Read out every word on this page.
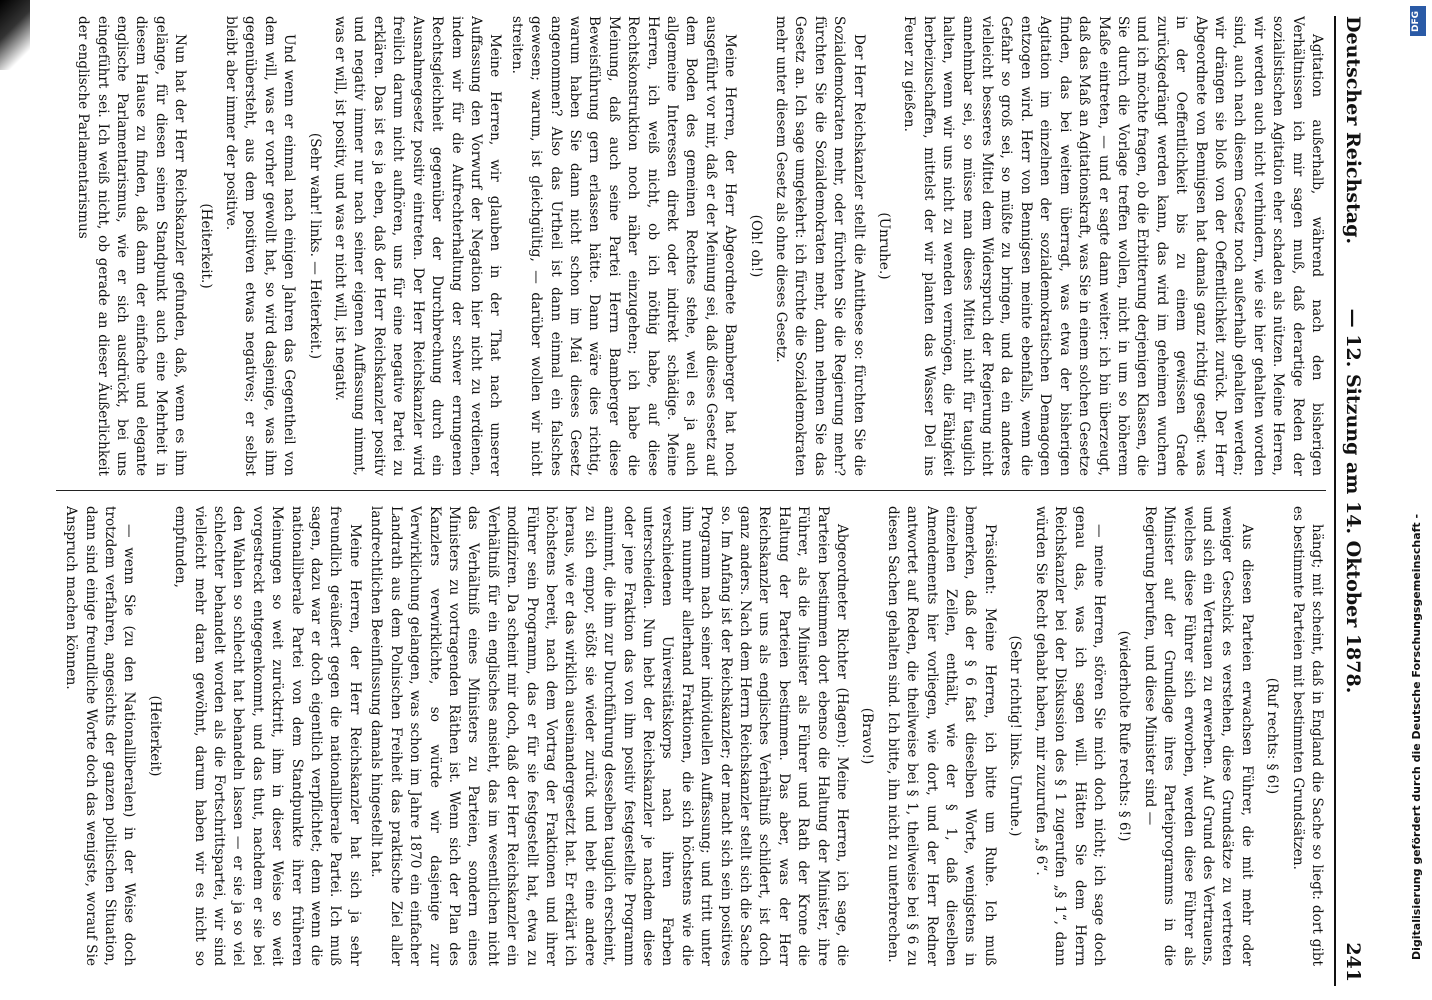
Deutscher Reichstag.
— 12. Sitzung am 14. Oktober 1878.
241

Agitation außerhalb, während nach den bisherigen Verhältnissen ich mir sagen muß, daß derartige Reden der sozialistischen Agitation eher schaden als nützen. Meine Herren, wir werden auch nicht verhindern, wie sie hier gehalten worden sind, auch nach diesem Gesetz noch außerhalb gehalten werden; wir drängen sie bloß von der Oeffentlichkeit zurück. Der Herr Abgeordnete von Bennigsen hat damals ganz richtig gesagt: was in der Oeffentlichkeit bis zu einem gewissen Grade zurückgedrängt werden kann, das wird im geheimen wuchern und ich möchte fragen, ob die Erbitterung derjenigen Klassen, die Sie durch die Vorlage treffen wollen, nicht in um so höherem Maße eintreten, — und er sagte dann weiter: ich bin überzeugt, daß das Maß an Agitationskraft, was Sie in einem solchen Gesetze finden, das bei weitem überragt, was etwa der bisherigen Agitation im einzelnen der sozialdemokratischen Demagogen entzogen wird. Herr von Bennigsen meinte ebenfalls, wenn die Gefahr so groß sei, so müßte zu bringen, und da ein anderes vielleicht besseres Mittel dem Widerspruch der Regierung nicht annehmbar sei, so müsse man dieses Mittel nicht für tauglich halten, wenn wir uns nicht zu wenden vermögen, die Fähigkeit herbeizuschaffen, mittelst der wir planten das Wasser Del ins Feuer zu gießen.

(Unruhe.)

Der Herr Reichskanzler stellt die Antithese so: fürchten Sie die Sozialdemokraten mehr, oder fürchten Sie die Regierung mehr? fürchten Sie die Sozialdemokraten mehr, dann nehmen Sie das Gesetz an. Ich sage umgekehrt: ich fürchte die Sozialdemokraten mehr unter diesem Gesetz als ohne dieses Gesetz.

(Oh! oh!)

Meine Herren, der Herr Abgeordnete Bamberger hat noch ausgeführt vor mir, daß er der Meinung sei, daß dieses Gesetz auf dem Boden des gemeinen Rechtes stehe, weil es ja auch allgemeine Interessen direkt oder indirekt schädige. Meine Herren, ich weiß nicht, ob ich nöthig habe, auf diese Rechtskonstruktion noch näher einzugehen; ich habe die Meinung, daß auch seine Partei Herrn Bamberger diese Beweisführung gern erlassen hätte. Dann wäre dies richtig, warum haben Sie dann nicht schon im Mai dieses Gesetz angenommen? Also das Urtheil ist dann einmal ein falsches gewesen; warum, ist gleichgültig, — darüber wollen wir nicht streiten.

Meine Herren, wir glauben in der That nach unserer Auffassung den Vorwurf der Negation hier nicht zu verdienen, indem wir für die Aufrechterhaltung der schwer errungenen Rechtsgleichheit gegenüber der Durchbrechung durch ein Ausnahmegesetz positiv eintreten. Der Herr Reichskanzler wird freilich darum nicht aufhören, uns für eine negative Partei zu erklären. Das ist es ja eben, daß der Herr Reichskanzler positiv und negativ immer nur nach seiner eigenen Auffassung nimmt, was er will, ist positiv, und was er nicht will, ist negativ.

(Sehr wahr! links. — Heiterkeit.)

Und wenn er einmal nach einigen Jahren das Gegentheil von dem will, was er vorher gewollt hat, so wird dasjenige, was ihm gegenübersteht, aus dem positiven etwas negatives; er selbst bleibt aber immer der positive.

(Heiterkeit.)

Nun hat der Herr Reichskanzler gefunden, daß, wenn es ihm gelänge, für diesen seinen Standpunkt auch eine Mehrheit in diesem Hause zu finden, daß dann der einfache und elegante englische Parlamentarismus, wie er sich ausdrückt, bei uns eingeführt sei. Ich weiß nicht, ob gerade an dieser Äußerlichkeit der englische Parlamentarismus

hängt; mit scheint, daß in England die Sache so liegt: dort gibt es bestimmte Parteien mit bestimmten Grundsätzen.

(Ruf rechts: § 6!)

Aus diesen Parteien erwachsen Führer, die mit mehr oder weniger Geschick es verstehen, diese Grundsätze zu vertreten und sich ein Vertrauen zu erwerben. Auf Grund des Vertrauens, welches diese Führer sich erworben, werden diese Führer als Minister auf der Grundlage ihres Parteiprogramms in die Regierung berufen, und diese Minister sind —

(wiederholte Rufe rechts: § 6!)

— meine Herren, stören Sie mich doch nicht; ich sage doch genau das, was ich sagen will. Hätten Sie dem Herrn Reichskanzler bei der Diskussion des § 1 zugerufen „§ 1“, dann würden Sie Recht gehabt haben, mir zuzurufen „§ 6“.

(Sehr richtig! links. Unruhe.)

Präsident: Meine Herren, ich bitte um Ruhe. Ich muß bemerken, daß der § 6 fast dieselben Worte, wenigstens in einzelnen Zeilen, enthält, wie der § 1, daß dieselben Amendements hier vorliegen, wie dort, und der Herr Redner antwortet auf Reden, die theilweise bei § 1, theilweise bei § 6 zu diesen Sachen gehalten sind. Ich bitte, ihn nicht zu unterbrechen.

(Bravo!)

Abgeordneter Richter (Hagen): Meine Herren, ich sage, die Parteien bestimmen dort ebenso die Haltung der Minister, ihre Führer, als die Minister als Führer und Rath der Krone die Haltung der Parteien bestimmen. Das aber, was der Herr Reichskanzler uns als englisches Verhältniß schildert, ist doch ganz anders. Nach dem Herrn Reichskanzler stellt sich die Sache so. Im Anfang ist der Reichskanzler; der macht sich sein positives Programm nach seiner individuellen Auffassung; und tritt unter ihm nunmehr allerhand Fraktionen, die sich höchstens wie die verschiedenen Universitätskorps nach ihren Farben unterscheiden. Nun hebt der Reichskanzler je nachdem diese oder jene Fraktion das von ihm positiv festgestellte Programm annimmt, die ihm zur Durchführung desselben tauglich erscheint, zu sich empor, stößt sie wieder zurück und hebt eine andere heraus, wie er das wirklich auseinandergesetzt hat. Er erklärt ich höchstens bereit, nach dem Vortrag der Fraktionen und ihrer Führer sein Programm, das er für sie festgestellt hat, etwa zu modifiziren. Da scheint mir doch, daß der Herr Reichskanzler ein Verhältniß für ein englisches ansieht, das im wesentlichen nicht das Verhältniß eines Ministers zu Parteien, sondern eines Ministers zu vortragenden Räthen ist. Wenn sich der Plan des Kanzlers verwirklichte, so würde wir dasjenige zur Verwirklichung gelangen, was schon im Jahre 1870 ein einfacher Landrath aus dem Polnischen Freiheit das praktische Ziel aller landrechtlichen Beeinflussung damals hingestellt hat.

Meine Herren, der Herr Reichskanzler hat sich ja sehr freundlich geäußert gegen die nationalliberale Partei. Ich muß sagen, dazu war er doch eigentlich verpflichtet; denn wenn die nationalliberale Partei von dem Standpunkte ihrer früheren Meinungen so weit zurücktritt, ihm in dieser Weise so weit vorgestreckt entgegenkommt, und das thut, nachdem er sie bei den Wahlen so schlecht hat behandeln lassen — er sie ja so viel schlechter behandelt worden als die Fortschrittspartei, wir sind vielleicht mehr daran gewöhnt, darum haben wir es nicht so empfunden,

(Heiterkeit)

— wenn Sie (zu den Nationalliberalen) in der Weise doch trotzdem verfahren, angesichts der ganzen politischen Situation, dann sind einige freundliche Worte doch das wenigste, worauf Sie Anspruch machen können.

DFG
Digitalisierung gefördert durch die Deutsche Forschungsgemeinschaft -
